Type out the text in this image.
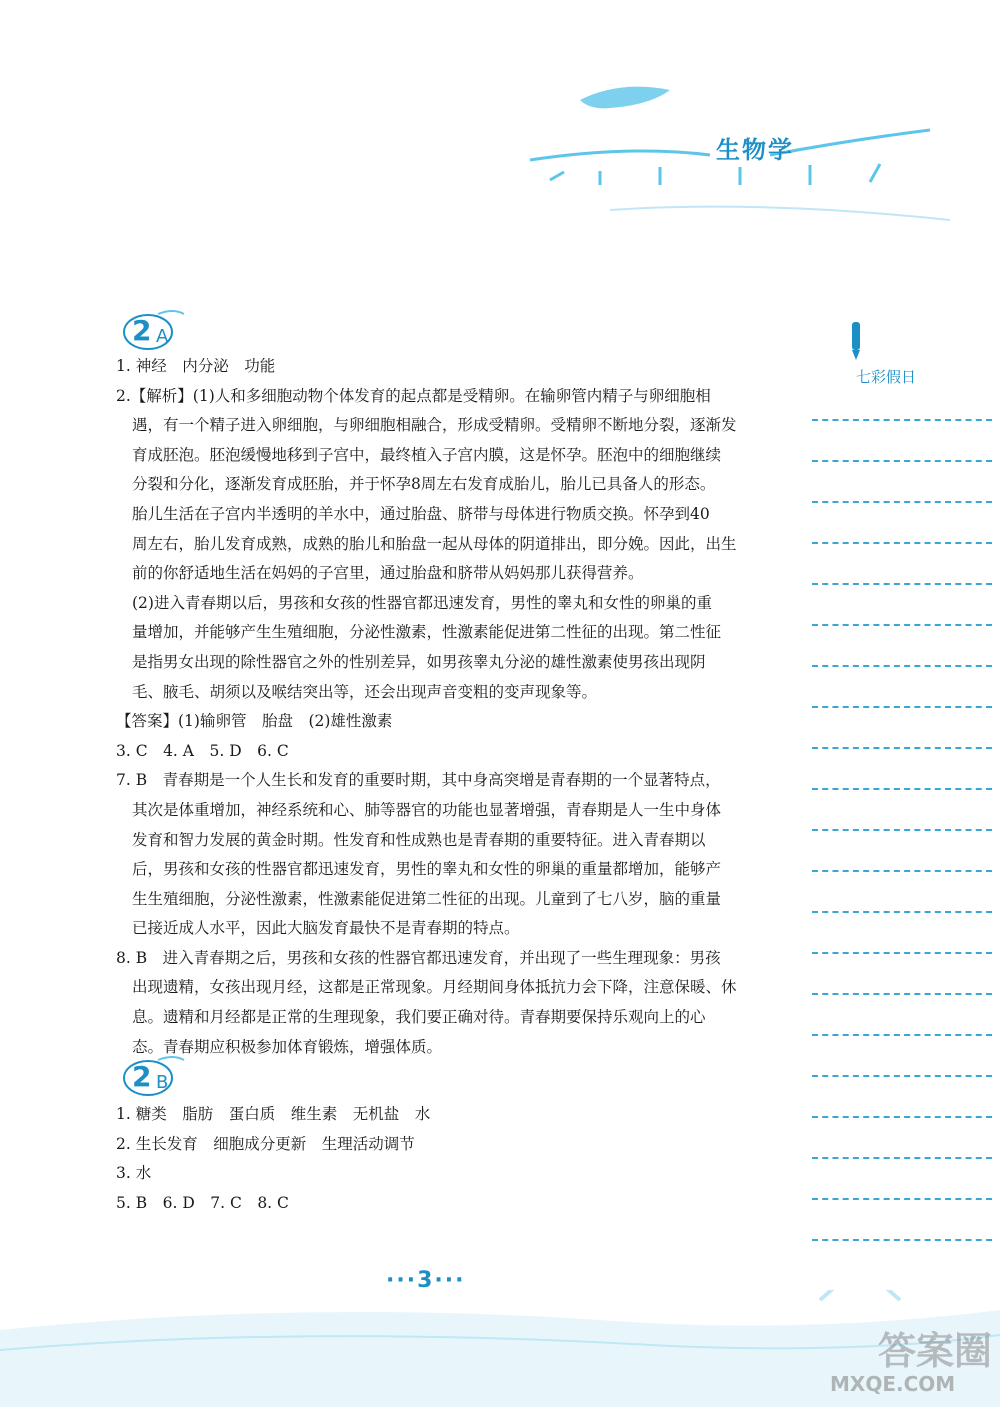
生物学
七彩假日
2 A
1. 神经　内分泌　功能
2.【解析】(1)人和多细胞动物个体发育的起点都是受精卵。在输卵管内精子与卵细胞相
遇，有一个精子进入卵细胞，与卵细胞相融合，形成受精卵。受精卵不断地分裂，逐渐发
育成胚泡。胚泡缓慢地移到子宫中，最终植入子宫内膜，这是怀孕。胚泡中的细胞继续
分裂和分化，逐渐发育成胚胎，并于怀孕8周左右发育成胎儿，胎儿已具备人的形态。
胎儿生活在子宫内半透明的羊水中，通过胎盘、脐带与母体进行物质交换。怀孕到40
周左右，胎儿发育成熟，成熟的胎儿和胎盘一起从母体的阴道排出，即分娩。因此，出生
前的你舒适地生活在妈妈的子宫里，通过胎盘和脐带从妈妈那儿获得营养。
(2)进入青春期以后，男孩和女孩的性器官都迅速发育，男性的睾丸和女性的卵巢的重
量增加，并能够产生生殖细胞，分泌性激素，性激素能促进第二性征的出现。第二性征
是指男女出现的除性器官之外的性别差异，如男孩睾丸分泌的雄性激素使男孩出现阴
毛、腋毛、胡须以及喉结突出等，还会出现声音变粗的变声现象等。
【答案】(1)输卵管　胎盘　(2)雄性激素
3. C　4. A　5. D　6. C
7. B　青春期是一个人生长和发育的重要时期，其中身高突增是青春期的一个显著特点，
其次是体重增加，神经系统和心、肺等器官的功能也显著增强，青春期是人一生中身体
发育和智力发展的黄金时期。性发育和性成熟也是青春期的重要特征。进入青春期以
后，男孩和女孩的性器官都迅速发育，男性的睾丸和女性的卵巢的重量都增加，能够产
生生殖细胞，分泌性激素，性激素能促进第二性征的出现。儿童到了七八岁，脑的重量
已接近成人水平，因此大脑发育最快不是青春期的特点。
8. B　进入青春期之后，男孩和女孩的性器官都迅速发育，并出现了一些生理现象：男孩
出现遗精，女孩出现月经，这都是正常现象。月经期间身体抵抗力会下降，注意保暖、休
息。遗精和月经都是正常的生理现象，我们要正确对待。青春期要保持乐观向上的心
态。青春期应积极参加体育锻炼，增强体质。
2 B
1. 糖类　脂肪　蛋白质　维生素　无机盐　水
2. 生长发育　细胞成分更新　生理活动调节
3. 水
5. B　6. D　7. C　8. C
···3···
答案圈
MXQE.COM
